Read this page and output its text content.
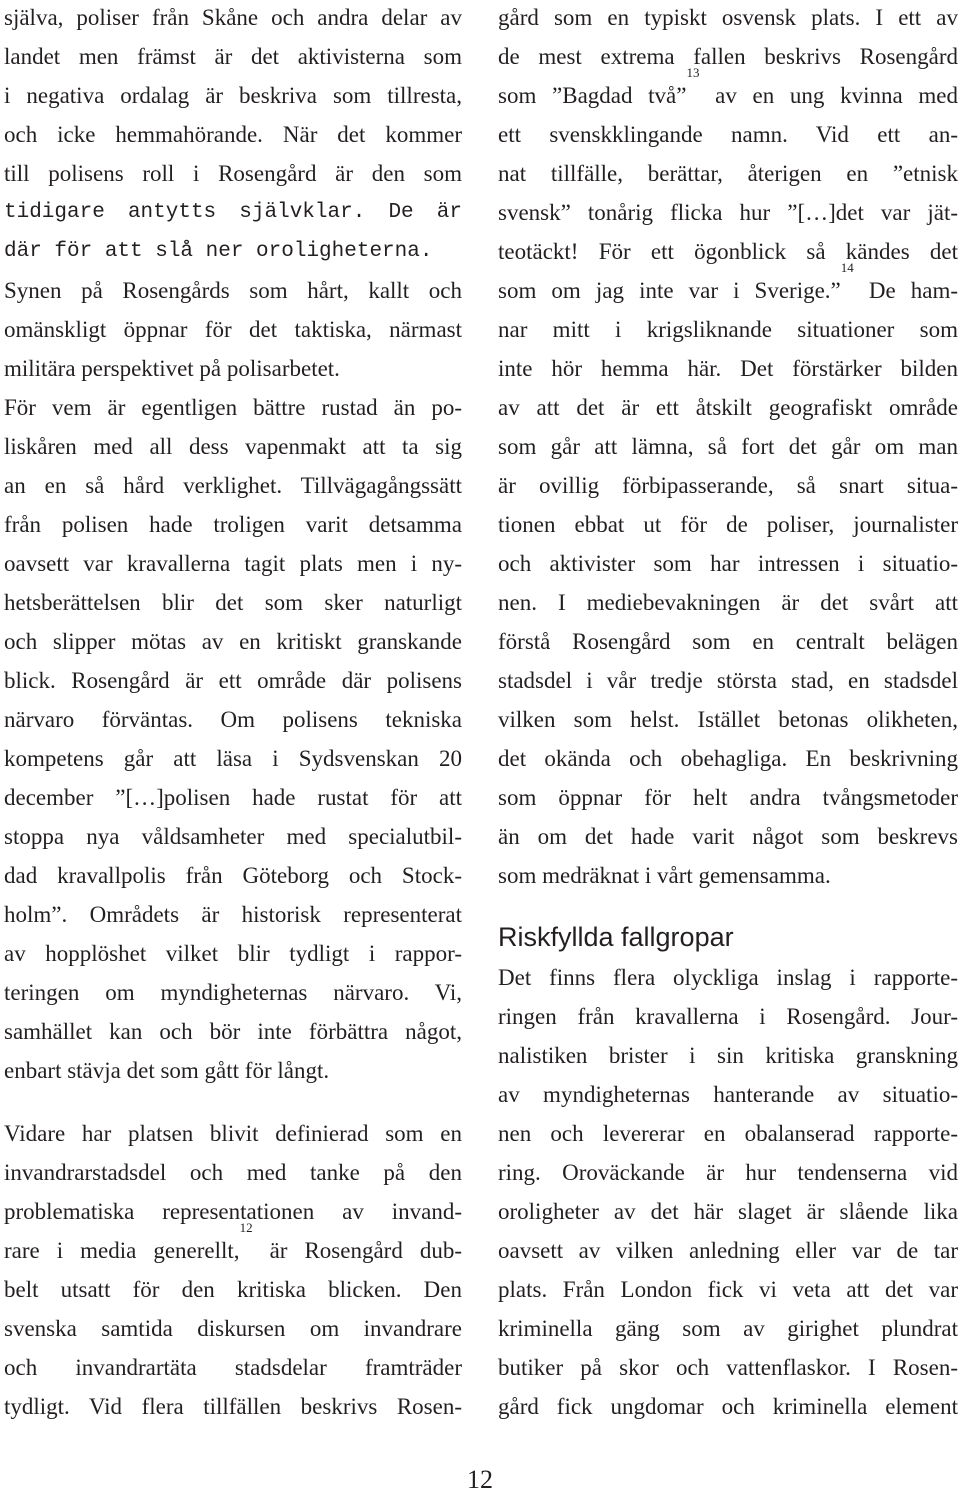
själva, poliser från Skåne och andra delar av
landet men främst är det aktivisterna som
i negativa ordalag är beskriva som tillresta,
och icke hemmahörande. När det kommer
till polisens roll i Rosengård är den som
tidigare antytts självklar. De är
där för att slå ner oroligheterna.
Synen på Rosengårds som hårt, kallt och
omänskligt öppnar för det taktiska, närmast
militära perspektivet på polisarbetet.
För vem är egentligen bättre rustad än po-
liskåren med all dess vapenmakt att ta sig
an en så hård verklighet. Tillvägagångssätt
från polisen hade troligen varit detsamma
oavsett var kravallerna tagit plats men i ny-
hetsberättelsen blir det som sker naturligt
och slipper mötas av en kritiskt granskande
blick. Rosengård är ett område där polisens
närvaro förväntas. Om polisens tekniska
kompetens går att läsa i Sydsvenskan 20
december ”[…]polisen hade rustat för att
stoppa nya våldsamheter med specialutbil-
dad kravallpolis från Göteborg och Stock-
holm”. Områdets är historisk representerat
av hopplöshet vilket blir tydligt i rappor-
teringen om myndigheternas närvaro. Vi,
samhället kan och bör inte förbättra något,
enbart stävja det som gått för långt.
Vidare har platsen blivit definierad som en
invandrarstadsdel och med tanke på den
problematiska representationen av invand-
rare i media generellt,$^{12}$ är Rosengård dub-
belt utsatt för den kritiska blicken. Den
svenska samtida diskursen om invandrare
och invandrartäta stadsdelar framträder
tydligt. Vid flera tillfällen beskrivs Rosen-
gård som en typiskt osvensk plats. I ett av
de mest extrema fallen beskrivs Rosengård
som ”Bagdad två”$^{13}$ av en ung kvinna med
ett svenskklingande namn. Vid ett an-
nat tillfälle, berättar, återigen en ”etnisk
svensk” tonårig flicka hur ”[…]det var jät-
teotäckt! För ett ögonblick så kändes det
som om jag inte var i Sverige.”$^{14}$ De ham-
nar mitt i krigsliknande situationer som
inte hör hemma här. Det förstärker bilden
av att det är ett åtskilt geografiskt område
som går att lämna, så fort det går om man
är ovillig förbipasserande, så snart situa-
tionen ebbat ut för de poliser, journalister
och aktivister som har intressen i situatio-
nen. I mediebevakningen är det svårt att
förstå Rosengård som en centralt belägen
stadsdel i vår tredje största stad, en stadsdel
vilken som helst. Istället betonas olikheten,
det okända och obehagliga. En beskrivning
som öppnar för helt andra tvångsmetoder
än om det hade varit något som beskrevs
som medräknat i vårt gemensamma.
Riskfyllda fallgropar
Det finns flera olyckliga inslag i rapporte-
ringen från kravallerna i Rosengård. Jour-
nalistiken brister i sin kritiska granskning
av myndigheternas hanterande av situatio-
nen och levererar en obalanserad rapporte-
ring. Oroväckande är hur tendenserna vid
oroligheter av det här slaget är slående lika
oavsett av vilken anledning eller var de tar
plats. Från London fick vi veta att det var
kriminella gäng som av girighet plundrat
butiker på skor och vattenflaskor. I Rosen-
gård fick ungdomar och kriminella element
12
